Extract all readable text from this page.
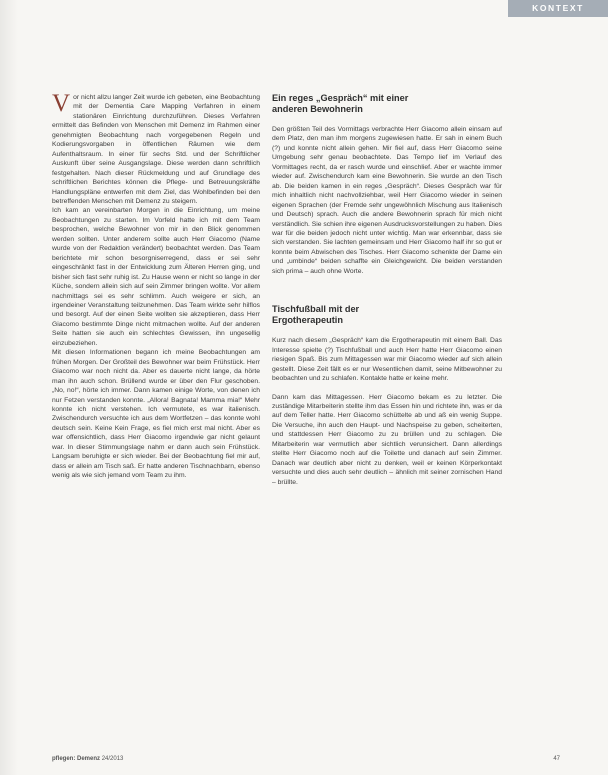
KONTEXT
V or nicht allzu langer Zeit wurde ich gebeten, eine Beobachtung mit der Dementia Care Mapping Verfahren in einem stationären Einrichtung durchzuführen. Dieses Verfahren ermittelt das Befinden von Menschen mit Demenz im Rahmen einer genehmigten Beobachtung nach vorgegebenen Regeln und Kodierungsvorgaben in öffentlichen Räumen wie dem Aufenthaltsraum. In einer für sechs Std. und der Schriftlicher Auskunft über seine Ausgangslage. Diese werden dann schriftlich festgehalten. Nach dieser Rückmeldung und auf Grundlage des schriftlichen Berichtes können die Pflege- und Betreuungskräfte Handlungspläne entwerfen mit dem Ziel, das Wohlbefinden bei den betreffenden Menschen mit Demenz zu steigern.

Ich kam an vereinbarten Morgen in die Einrichtung, um meine Beobachtungen zu starten. Im Vorfeld hatte ich mit dem Team besprochen, welche Bewohner von mir in den Blick genommen werden sollten. Unter anderem sollte auch Herr Giacomo (Name wurde von der Redaktion verändert) beobachtet werden. Das Team berichtete mir schon besorgniserregend, dass er sei sehr eingeschränkt fast in der Entwicklung zum Älteren Herren ging, und bisher sich fast sehr ruhig ist. Zu Hause wenn er nicht so lange in der Küche, sondern allein sich auf sein Zimmer bringen wollte. Vor allem nachmittags sei es sehr schlimm. Auch weigere er sich, an irgendeiner Veranstaltung teilzunehmen. Das Team wirkte sehr hilflos und besorgt. Auf der einen Seite wollten sie akzeptieren, dass Herr Giacomo bestimmte Dinge nicht mitmachen wollte. Auf der anderen Seite hatten sie auch ein schlechtes Gewissen, ihn ungesellig einzubeziehen.

Mit diesen Informationen begann ich meine Beobachtungen am frühen Morgen. Der Großteil des Bewohner war beim Frühstück. Herr Giacomo war noch nicht da. Aber es dauerte nicht lange, da hörte man ihn auch schon. Brüllend wurde er über den Flur geschoben. „No, no!“, hörte ich immer. Dann kamen einige Worte, von denen ich nur Fetzen verstanden konnte. „Allora! Bagnata! Mamma mia!“ Mehr konnte ich nicht verstehen. Ich vermutete, es war italienisch. Zwischendurch versuchte ich aus dem Wortfetzen – das konnte wohl deutsch sein. Keine Kein Frage, es fiel mich erst mal nicht. Aber es war offensichtlich, dass Herr Giacomo irgendwie gar nicht gelaunt war. In dieser Stimmungslage nahm er dann auch sein Frühstück. Langsam beruhigte er sich wieder. Bei der Beobachtung fiel mir auf, dass er allein am Tisch saß. Er hatte anderen Tischnachbarn, ebenso wenig als wie sich jemand vom Team zu ihm.

Ein reges „Gespräch“ mit einer
anderen Bewohnerin

Den größten Teil des Vormittags verbrachte Herr Giacomo allein einsam auf dem Platz, den man ihm morgens zugewiesen hatte. Er sah in einem Buch (?) und konnte nicht allein gehen. Mir fiel auf, dass Herr Giacomo seine Umgebung sehr genau beobachtete. Das Tempo lief im Verlauf des Vormittages recht, da er rasch wurde und einschlief. Aber er wachte immer wieder auf. Zwischendurch kam eine Bewohnerin. Sie wurde an den Tisch ab. Die beiden kamen in ein reges „Gespräch“. Dieses Gespräch war für mich inhaltlich nicht nachvollziehbar, weil Herr Giacomo wieder in seinen eigenen Sprachen (der Fremde sehr ungewöhnlich Mischung aus Italienisch und Deutsch) sprach. Auch die andere Bewohnerin sprach für mich nicht verständlich. Sie schien ihre eigenen Ausdrucksvorstellungen zu haben. Dies war für die beiden jedoch nicht unter wichtig. Man war erkennbar, dass sie sich verstanden. Sie lachten gemeinsam und Herr Giacomo half ihr so gut er konnte beim Abwischen des Tisches. Herr Giacomo schenkte der Dame ein und „umbinde“ beiden schaffte ein Gleichgewicht. Die beiden verstanden sich prima – auch ohne Worte.

Tischfußball mit der
Ergotherapeutin

Kurz nach diesem „Gespräch“ kam die Ergotherapeutin mit einem Ball. Das Interesse spielte (?) Tischfußball und auch Herr hatte Herr Giacomo einen riesigen Spaß. Bis zum Mittagessen war mir Giacomo wieder auf sich allein gestellt. Diese Zeit fällt es er nur Wesentlichen damit, seine Mitbewohner zu beobachten und zu schlafen. Kontakte hatte er keine mehr.

Dann kam das Mittagessen. Herr Giacomo bekam es zu letzter. Die zuständige Mitarbeiterin stellte ihm das Essen hin und richtete ihn, was er da auf dem Teller hatte. Herr Giacomo schüttelte ab und aß ein wenig Suppe. Die Versuche, ihn auch den Haupt- und Nachspeise zu geben, scheiterten, und stattdessen Herr Giacomo zu zu brüllen und zu schlagen. Die Mitarbeiterin war vermutlich aber sichtlich verunsichert. Dann allerdings stellte Herr Giacomo noch auf die Toilette und danach auf sein Zimmer. Danach war deutlich aber nicht zu denken, weil er keinen Körperkontakt versuchte und dies auch sehr deutlich – ähnlich mit seiner zornischen Hand – brüllte.

pflegen: Demenz 24/2013	47
